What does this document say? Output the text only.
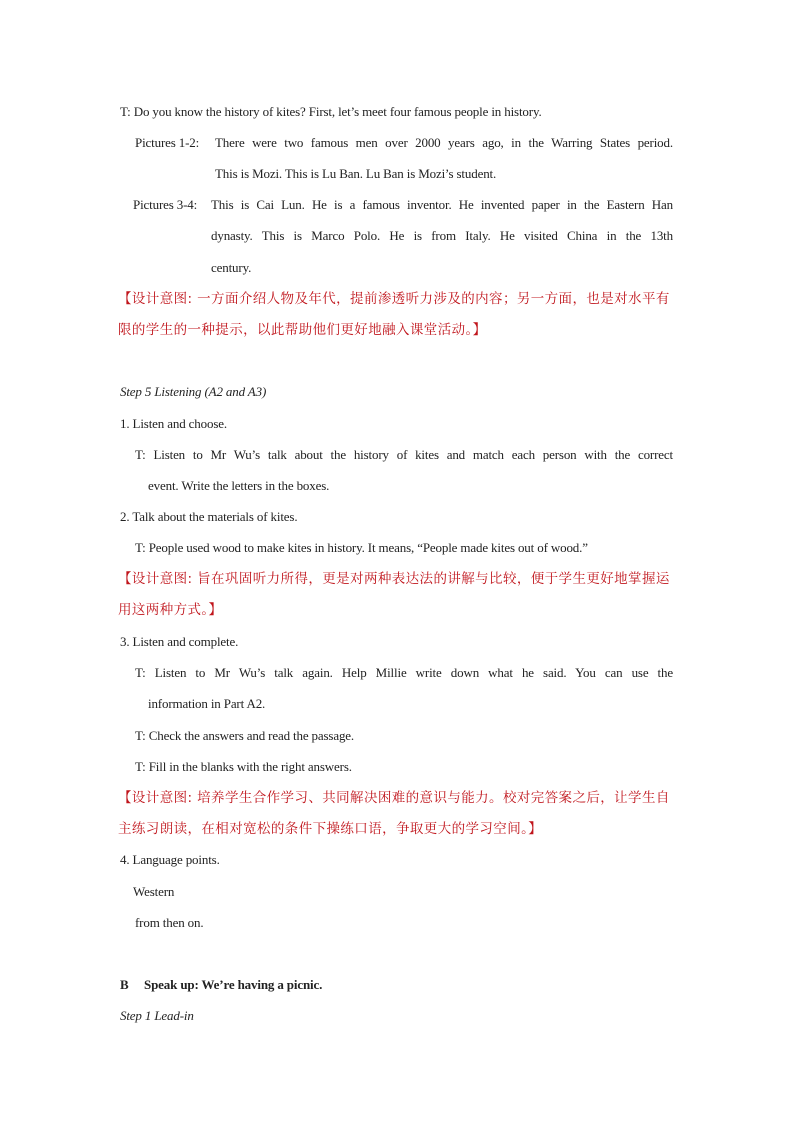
T: Do you know the history of kites? First, let’s meet four famous people in history.
Pictures 1-2: There were two famous men over 2000 years ago, in the Warring States period.
This is Mozi. This is Lu Ban. Lu Ban is Mozi’s student.
Pictures 3-4: This is Cai Lun. He is a famous inventor. He invented paper in the Eastern Han
dynasty. This is Marco Polo. He is from Italy. He visited China in the 13th
century.
【设计意图: 一方面介绍人物及年代，提前渗透听力涉及的内容；另一方面，也是对水平有
限的学生的一种提示，以此帮助他们更好地融入课堂活动。】
Step 5 Listening (A2 and A3)
1. Listen and choose.
T: Listen to Mr Wu’s talk about the history of kites and match each person with the correct
event. Write the letters in the boxes.
2. Talk about the materials of kites.
T: People used wood to make kites in history. It means, “People made kites out of wood.”
【设计意图: 旨在巩固听力所得，更是对两种表达法的讲解与比较，便于学生更好地掌握运
用这两种方式。】
3. Listen and complete.
T: Listen to Mr Wu’s talk again. Help Millie write down what he said. You can use the
information in Part A2.
T: Check the answers and read the passage.
T: Fill in the blanks with the right answers.
【设计意图: 培养学生合作学习、共同解决困难的意识与能力。校对完答案之后，让学生自
主练习朗读，在相对宽松的条件下操练口语，争取更大的学习空间。】
4. Language points.
Western
from then on.
B     Speak up: We’re having a picnic.
Step 1 Lead-in
